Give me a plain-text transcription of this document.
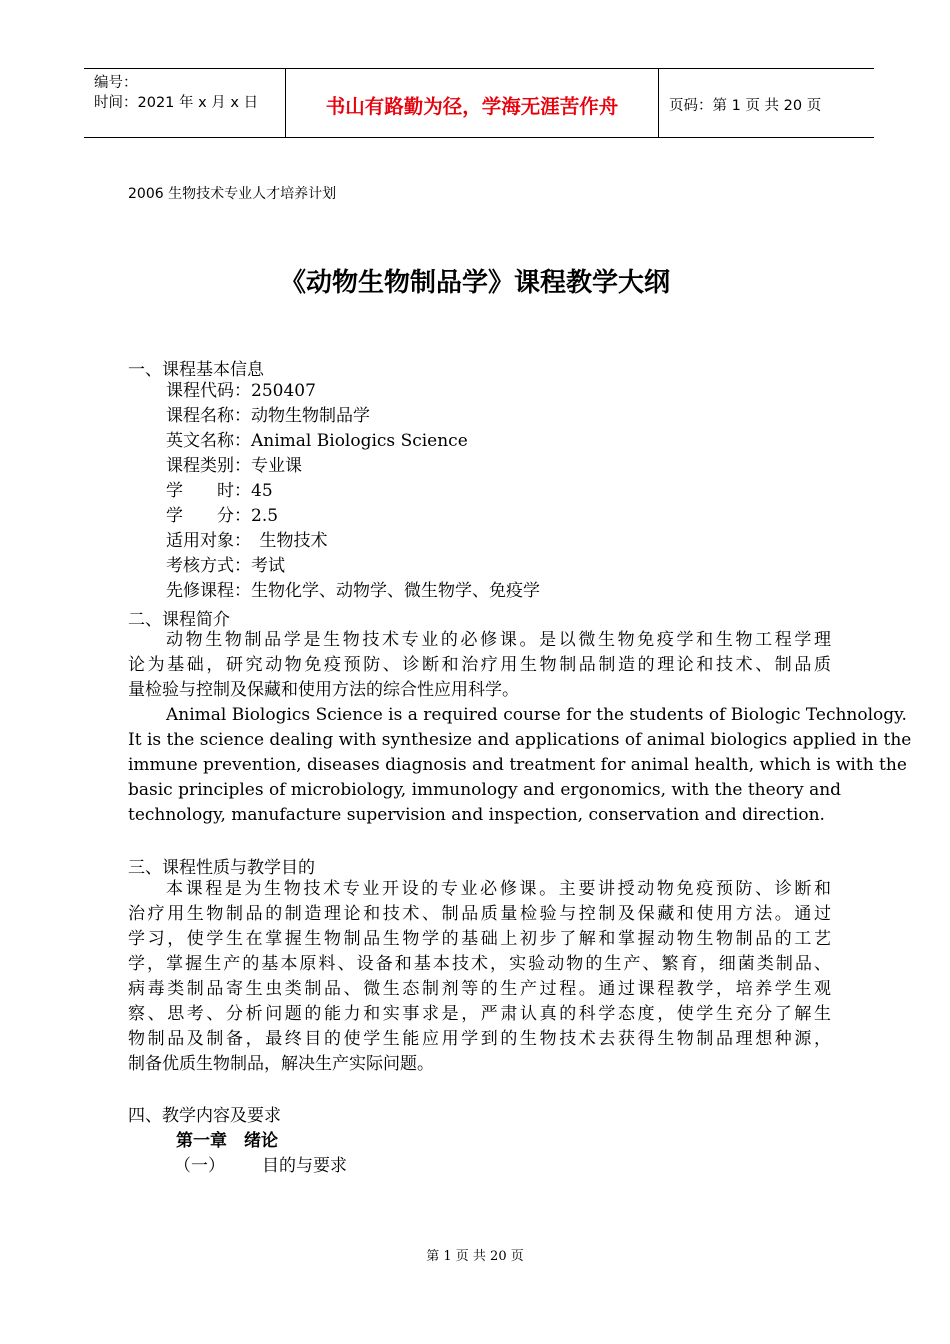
编号：
时间：2021 年 x 月 x 日	书山有路勤为径，学海无涯苦作舟	页码：第 1 页 共 20 页
2006 生物技术专业人才培养计划
《动物生物制品学》课程教学大纲
一、课程基本信息
课程代码：250407
课程名称：动物生物制品学
英文名称：Animal Biologics Science
课程类别：专业课
学　　时：45
学　　分：2.5
适用对象：　生物技术
考核方式：考试
先修课程：生物化学、动物学、微生物学、免疫学
二、课程简介
动物生物制品学是生物技术专业的必修课。是以微生物免疫学和生物工程学理
论为基础，研究动物免疫预防、诊断和治疗用生物制品制造的理论和技术、制品质
量检验与控制及保藏和使用方法的综合性应用科学。
Animal Biologics Science is a required course for the students of Biologic Technology.
It is the science dealing with synthesize and applications of animal biologics applied in the
immune prevention, diseases diagnosis and treatment for animal health, which is with the
basic principles of microbiology, immunology and ergonomics, with the theory and
technology, manufacture supervision and inspection, conservation and direction.
三、课程性质与教学目的
本课程是为生物技术专业开设的专业必修课。主要讲授动物免疫预防、诊断和
治疗用生物制品的制造理论和技术、制品质量检验与控制及保藏和使用方法。通过
学习，使学生在掌握生物制品生物学的基础上初步了解和掌握动物生物制品的工艺
学，掌握生产的基本原料、设备和基本技术，实验动物的生产、繁育，细菌类制品、
病毒类制品寄生虫类制品、微生态制剂等的生产过程。通过课程教学，培养学生观
察、思考、分析问题的能力和实事求是，严肃认真的科学态度，使学生充分了解生
物制品及制备，最终目的使学生能应用学到的生物技术去获得生物制品理想种源，
制备优质生物制品，解决生产实际问题。
四、教学内容及要求
第一章　绪论
（一） 目的与要求
第 1 页 共 20 页
